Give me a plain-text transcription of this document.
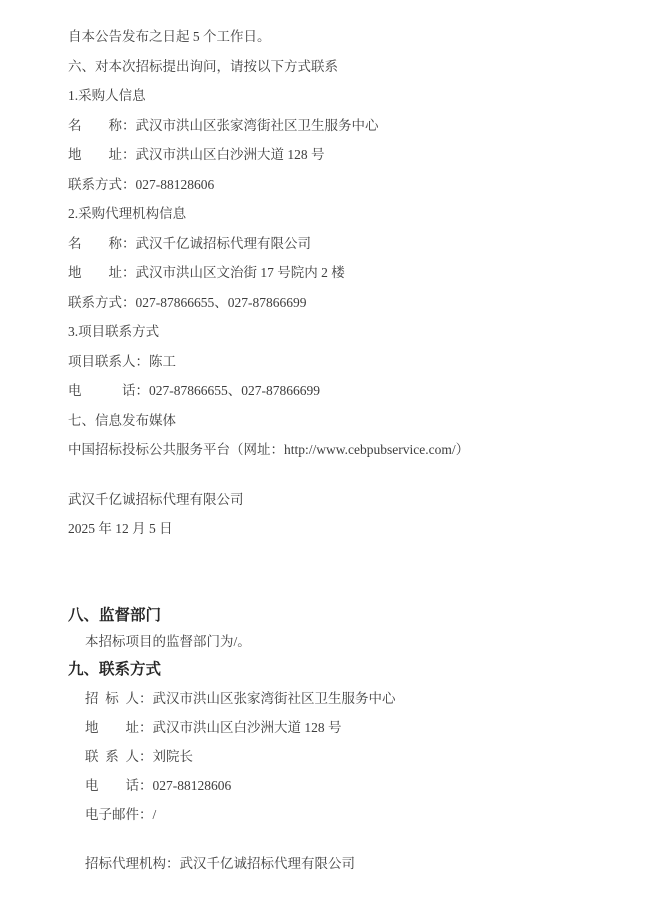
自本公告发布之日起 5 个工作日。
六、对本次招标提出询问，请按以下方式联系
1.采购人信息
名　　称：武汉市洪山区张家湾街社区卫生服务中心
地　　址：武汉市洪山区白沙洲大道 128 号
联系方式：027-88128606
2.采购代理机构信息
名　　称：武汉千亿诚招标代理有限公司
地　　址：武汉市洪山区文治街 17 号院内 2 楼
联系方式：027-87866655、027-87866699
3.项目联系方式
项目联系人：陈工
电　　　话：027-87866655、027-87866699
七、信息发布媒体
中国招标投标公共服务平台（网址：http://www.cebpubservice.com/）
武汉千亿诚招标代理有限公司
2025 年 12 月 5 日
八、监督部门
本招标项目的监督部门为/。
九、联系方式
招 标 人：武汉市洪山区张家湾街社区卫生服务中心
地　　址：武汉市洪山区白沙洲大道 128 号
联 系 人：刘院长
电　　话：027-88128606
电子邮件：/
招标代理机构：武汉千亿诚招标代理有限公司
